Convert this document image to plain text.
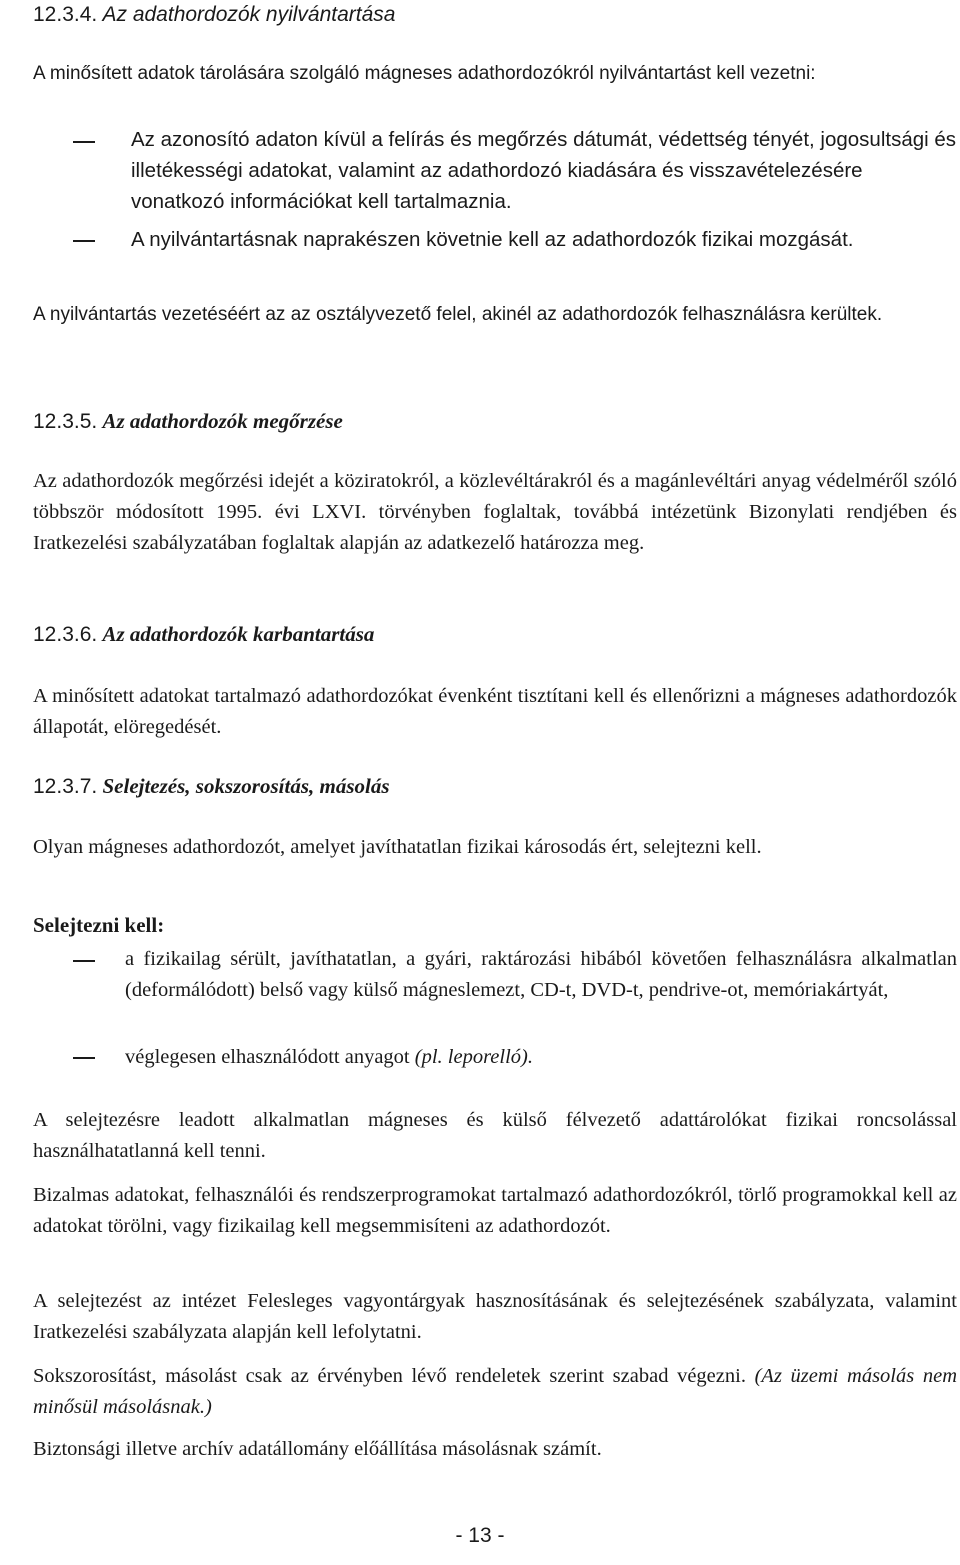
12.3.4. Az adathordozók nyilvántartása
A minősített adatok tárolására szolgáló mágneses adathordozókról nyilvántartást kell vezetni:
Az azonosító adaton kívül a felírás és megőrzés dátumát, védettség tényét, jogosultsági és illetékességi adatokat, valamint az adathordozó kiadására és visszavételezésére vonatkozó információkat kell tartalmaznia.
A nyilvántartásnak naprakészen követnie kell az adathordozók fizikai mozgását.
A nyilvántartás vezetéséért az az osztályvezető felel, akinél az adathordozók felhasználásra kerültek.
12.3.5. Az adathordozók megőrzése
Az adathordozók megőrzési idejét a köziratokról, a közlevéltárakról és a magánlevéltári anyag védelméről szóló többször módosított 1995. évi LXVI. törvényben foglaltak, továbbá intézetünk Bizonylati rendjében és Iratkezelési szabályzatában foglaltak alapján az adatkezelő határozza meg.
12.3.6. Az adathordozók karbantartása
A minősített adatokat tartalmazó adathordozókat évenként tisztítani kell és ellenőrizni a mágneses adathordozók állapotát, elöregedését.
12.3.7. Selejtezés, sokszorosítás, másolás
Olyan mágneses adathordozót, amelyet javíthatatlan fizikai károsodás ért, selejtezni kell.
Selejtezni kell:
a fizikailag sérült, javíthatatlan, a gyári, raktározási hibából követően felhasználásra alkalmatlan (deformálódott) belső vagy külső mágneslemezt, CD-t, DVD-t, pendrive-ot, memóriakártyát,
véglegesen elhasználódott anyagot (pl. leporelló).
A selejtezésre leadott alkalmatlan mágneses és külső félvezető adattárolókat fizikai roncsolással használhatatlanná kell tenni.
Bizalmas adatokat, felhasználói és rendszerprogramokat tartalmazó adathordozókról, törlő programokkal kell az adatokat törölni, vagy fizikailag kell megsemmisíteni az adathordozót.
A selejtezést az intézet Felesleges vagyontárgyak hasznosításának és selejtezésének szabályzata, valamint Iratkezelési szabályzata alapján kell lefolytatni.
Sokszorosítást, másolást csak az érvényben lévő rendeletek szerint szabad végezni. (Az üzemi másolás nem minősül másolásnak.)
Biztonsági illetve archív adatállomány előállítása másolásnak számít.
- 13 -
